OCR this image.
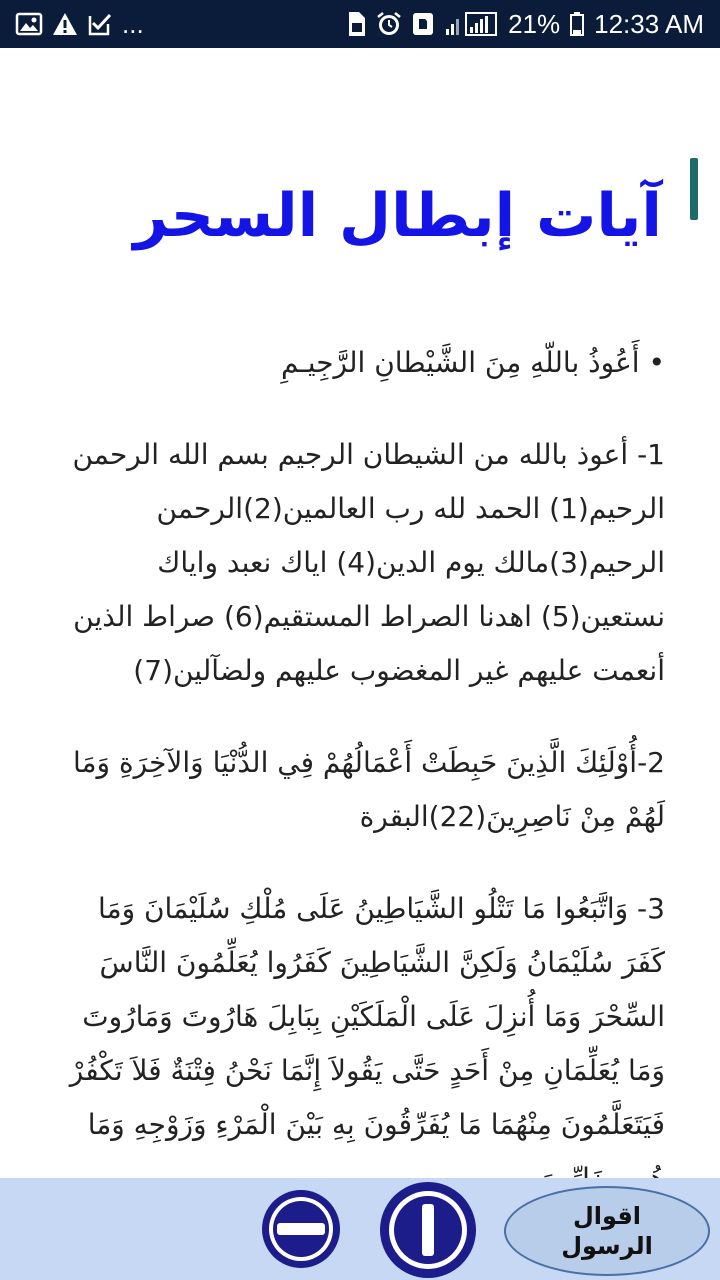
...	21% 12:33 AM
آيات إبطال السحر

• أَعُوذُ باللّهِ مِنَ الشَّيْطانِ الرَّجِيـمِ

1- أعوذ بالله من الشيطان الرجيم بسم الله الرحمن الرحيم(1) الحمد لله رب العالمين(2)الرحمن الرحيم(3)مالك يوم الدين(4) اياك نعبد واياك نستعين(5) اهدنا الصراط المستقيم(6) صراط الذين أنعمت عليهم غير المغضوب عليهم ولضآلين(7)

2-أُوْلَئِكَ الَّذِينَ حَبِطَتْ أَعْمَالُهُمْ فِي الدُّنْيَا وَالآخِرَةِ وَمَا لَهُمْ مِنْ نَاصِرِينَ(22)البقرة

3- وَاتَّبَعُوا مَا تَتْلُو الشَّيَاطِينُ عَلَى مُلْكِ سُلَيْمَانَ وَمَا كَفَرَ سُلَيْمَانُ وَلَكِنَّ الشَّيَاطِينَ كَفَرُوا يُعَلِّمُونَ النَّاسَ السِّحْرَ وَمَا أُنزِلَ عَلَى الْمَلَكَيْنِ بِبَابِلَ هَارُوتَ وَمَارُوتَ وَمَا يُعَلِّمَانِ مِنْ أَحَدٍ حَتَّى يَقُولاَ إِنَّمَا نَحْنُ فِتْنَةٌ فَلاَ تَكْفُرْ فَيَتَعَلَّمُونَ مِنْهُمَا مَا يُفَرِّقُونَ بِهِ بَيْنَ الْمَرْءِ وَزَوْجِهِ وَمَا

اقوال
الرسول
